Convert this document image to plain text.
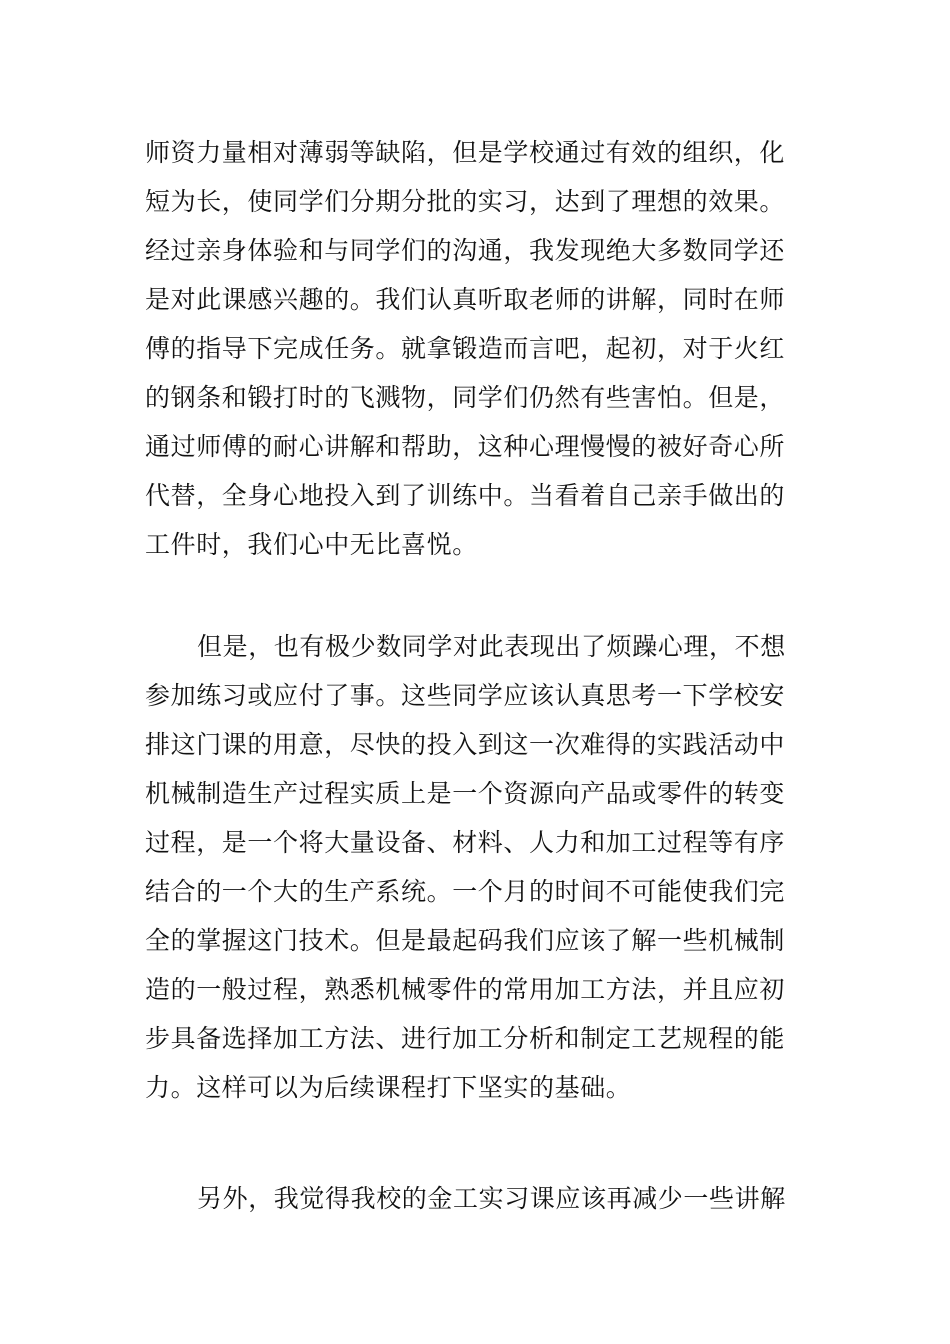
师资力量相对薄弱等缺陷，但是学校通过有效的组织，化
短为长，使同学们分期分批的实习，达到了理想的效果。
经过亲身体验和与同学们的沟通，我发现绝大多数同学还
是对此课感兴趣的。我们认真听取老师的讲解，同时在师
傅的指导下完成任务。就拿锻造而言吧，起初，对于火红
的钢条和锻打时的飞溅物，同学们仍然有些害怕。但是，
通过师傅的耐心讲解和帮助，这种心理慢慢的被好奇心所
代替，全身心地投入到了训练中。当看着自己亲手做出的
工件时，我们心中无比喜悦。
但是，也有极少数同学对此表现出了烦躁心理，不想
参加练习或应付了事。这些同学应该认真思考一下学校安
排这门课的用意，尽快的投入到这一次难得的实践活动中
机械制造生产过程实质上是一个资源向产品或零件的转变
过程，是一个将大量设备、材料、人力和加工过程等有序
结合的一个大的生产系统。一个月的时间不可能使我们完
全的掌握这门技术。但是最起码我们应该了解一些机械制
造的一般过程，熟悉机械零件的常用加工方法，并且应初
步具备选择加工方法、进行加工分析和制定工艺规程的能
力。这样可以为后续课程打下坚实的基础。
另外，我觉得我校的金工实习课应该再减少一些讲解
